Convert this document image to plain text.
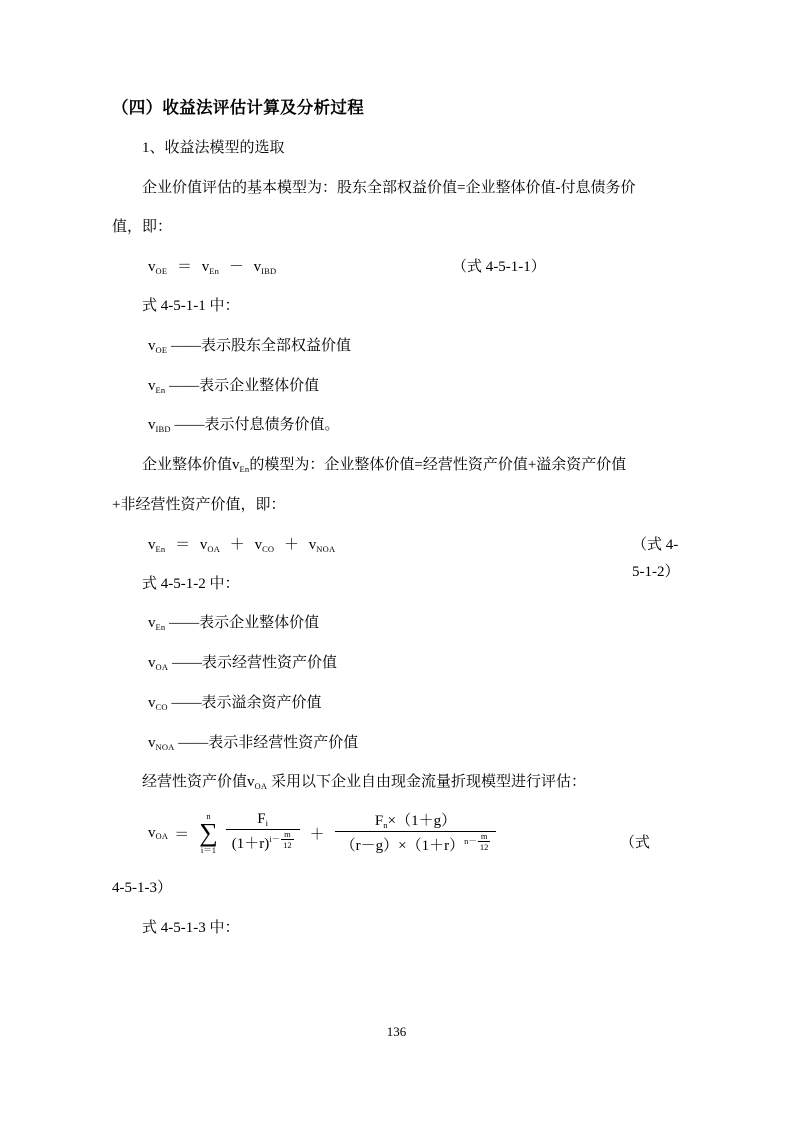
（四）收益法评估计算及分析过程

1、收益法模型的选取

企业价值评估的基本模型为：股东全部权益价值=企业整体价值-付息债务价

值，即：

$v_{OE} = v_{En} - v_{IBD}$	（式 4-5-1-1）

式 4-5-1-1 中：

$v_{OE}$ ——表示股东全部权益价值

$v_{En}$ ——表示企业整体价值

$v_{IBD}$ ——表示付息债务价值。

企业整体价值$v_{En}$的模型为：企业整体价值=经营性资产价值+溢余资产价值

+非经营性资产价值，即：

$v_{En} = v_{OA} + v_{CO} + v_{NOA}$	（式 4-5-1-2）

式 4-5-1-2 中：

$v_{En}$ ——表示企业整体价值

$v_{OA}$ ——表示经营性资产价值

$v_{CO}$ ——表示溢余资产价值

$v_{NOA}$ ——表示非经营性资产价值

经营性资产价值$v_{OA}$ 采用以下企业自由现金流量折现模型进行评估：

$v_{OA}$ ＝
n
∑
$i=1 \frac{F_i}{(1+r)^{i-} \frac{m}{12}} + \frac{F_n\times(1+g)}{(r-g)\times(1+r)^{n-} \frac{m}{12}}$	（式

4-5-1-3）

式 4-5-1-3 中：

136
